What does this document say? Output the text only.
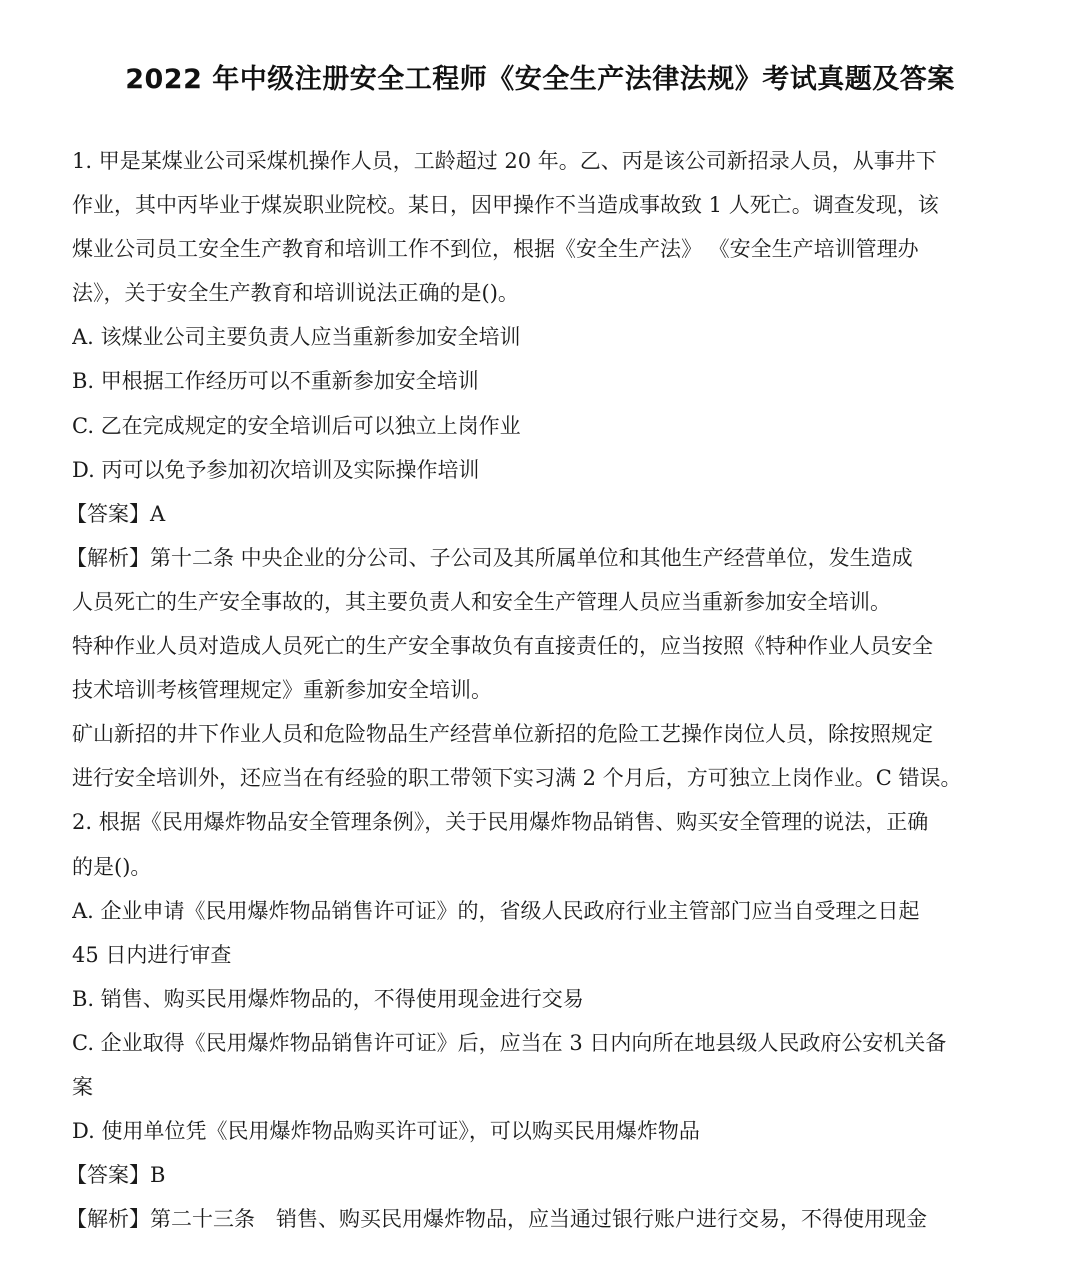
2022 年中级注册安全工程师《安全生产法律法规》考试真题及答案
1. 甲是某煤业公司采煤机操作人员，工龄超过 20 年。乙、丙是该公司新招录人员，从事井下
作业，其中丙毕业于煤炭职业院校。某日，因甲操作不当造成事故致 1 人死亡。调查发现，该
煤业公司员工安全生产教育和培训工作不到位，根据《安全生产法》 《安全生产培训管理办
法》，关于安全生产教育和培训说法正确的是()。
A. 该煤业公司主要负责人应当重新参加安全培训
B. 甲根据工作经历可以不重新参加安全培训
C. 乙在完成规定的安全培训后可以独立上岗作业
D. 丙可以免予参加初次培训及实际操作培训
【答案】A
【解析】第十二条 中央企业的分公司、子公司及其所属单位和其他生产经营单位，发生造成
人员死亡的生产安全事故的，其主要负责人和安全生产管理人员应当重新参加安全培训。
特种作业人员对造成人员死亡的生产安全事故负有直接责任的，应当按照《特种作业人员安全
技术培训考核管理规定》重新参加安全培训。
矿山新招的井下作业人员和危险物品生产经营单位新招的危险工艺操作岗位人员，除按照规定
进行安全培训外，还应当在有经验的职工带领下实习满 2 个月后，方可独立上岗作业。C 错误。
2. 根据《民用爆炸物品安全管理条例》，关于民用爆炸物品销售、购买安全管理的说法，正确
的是()。
A. 企业申请《民用爆炸物品销售许可证》的，省级人民政府行业主管部门应当自受理之日起
45 日内进行审查
B. 销售、购买民用爆炸物品的，不得使用现金进行交易
C. 企业取得《民用爆炸物品销售许可证》后，应当在 3 日内向所在地县级人民政府公安机关备
案
D. 使用单位凭《民用爆炸物品购买许可证》，可以购买民用爆炸物品
【答案】B
【解析】第二十三条　销售、购买民用爆炸物品，应当通过银行账户进行交易，不得使用现金
